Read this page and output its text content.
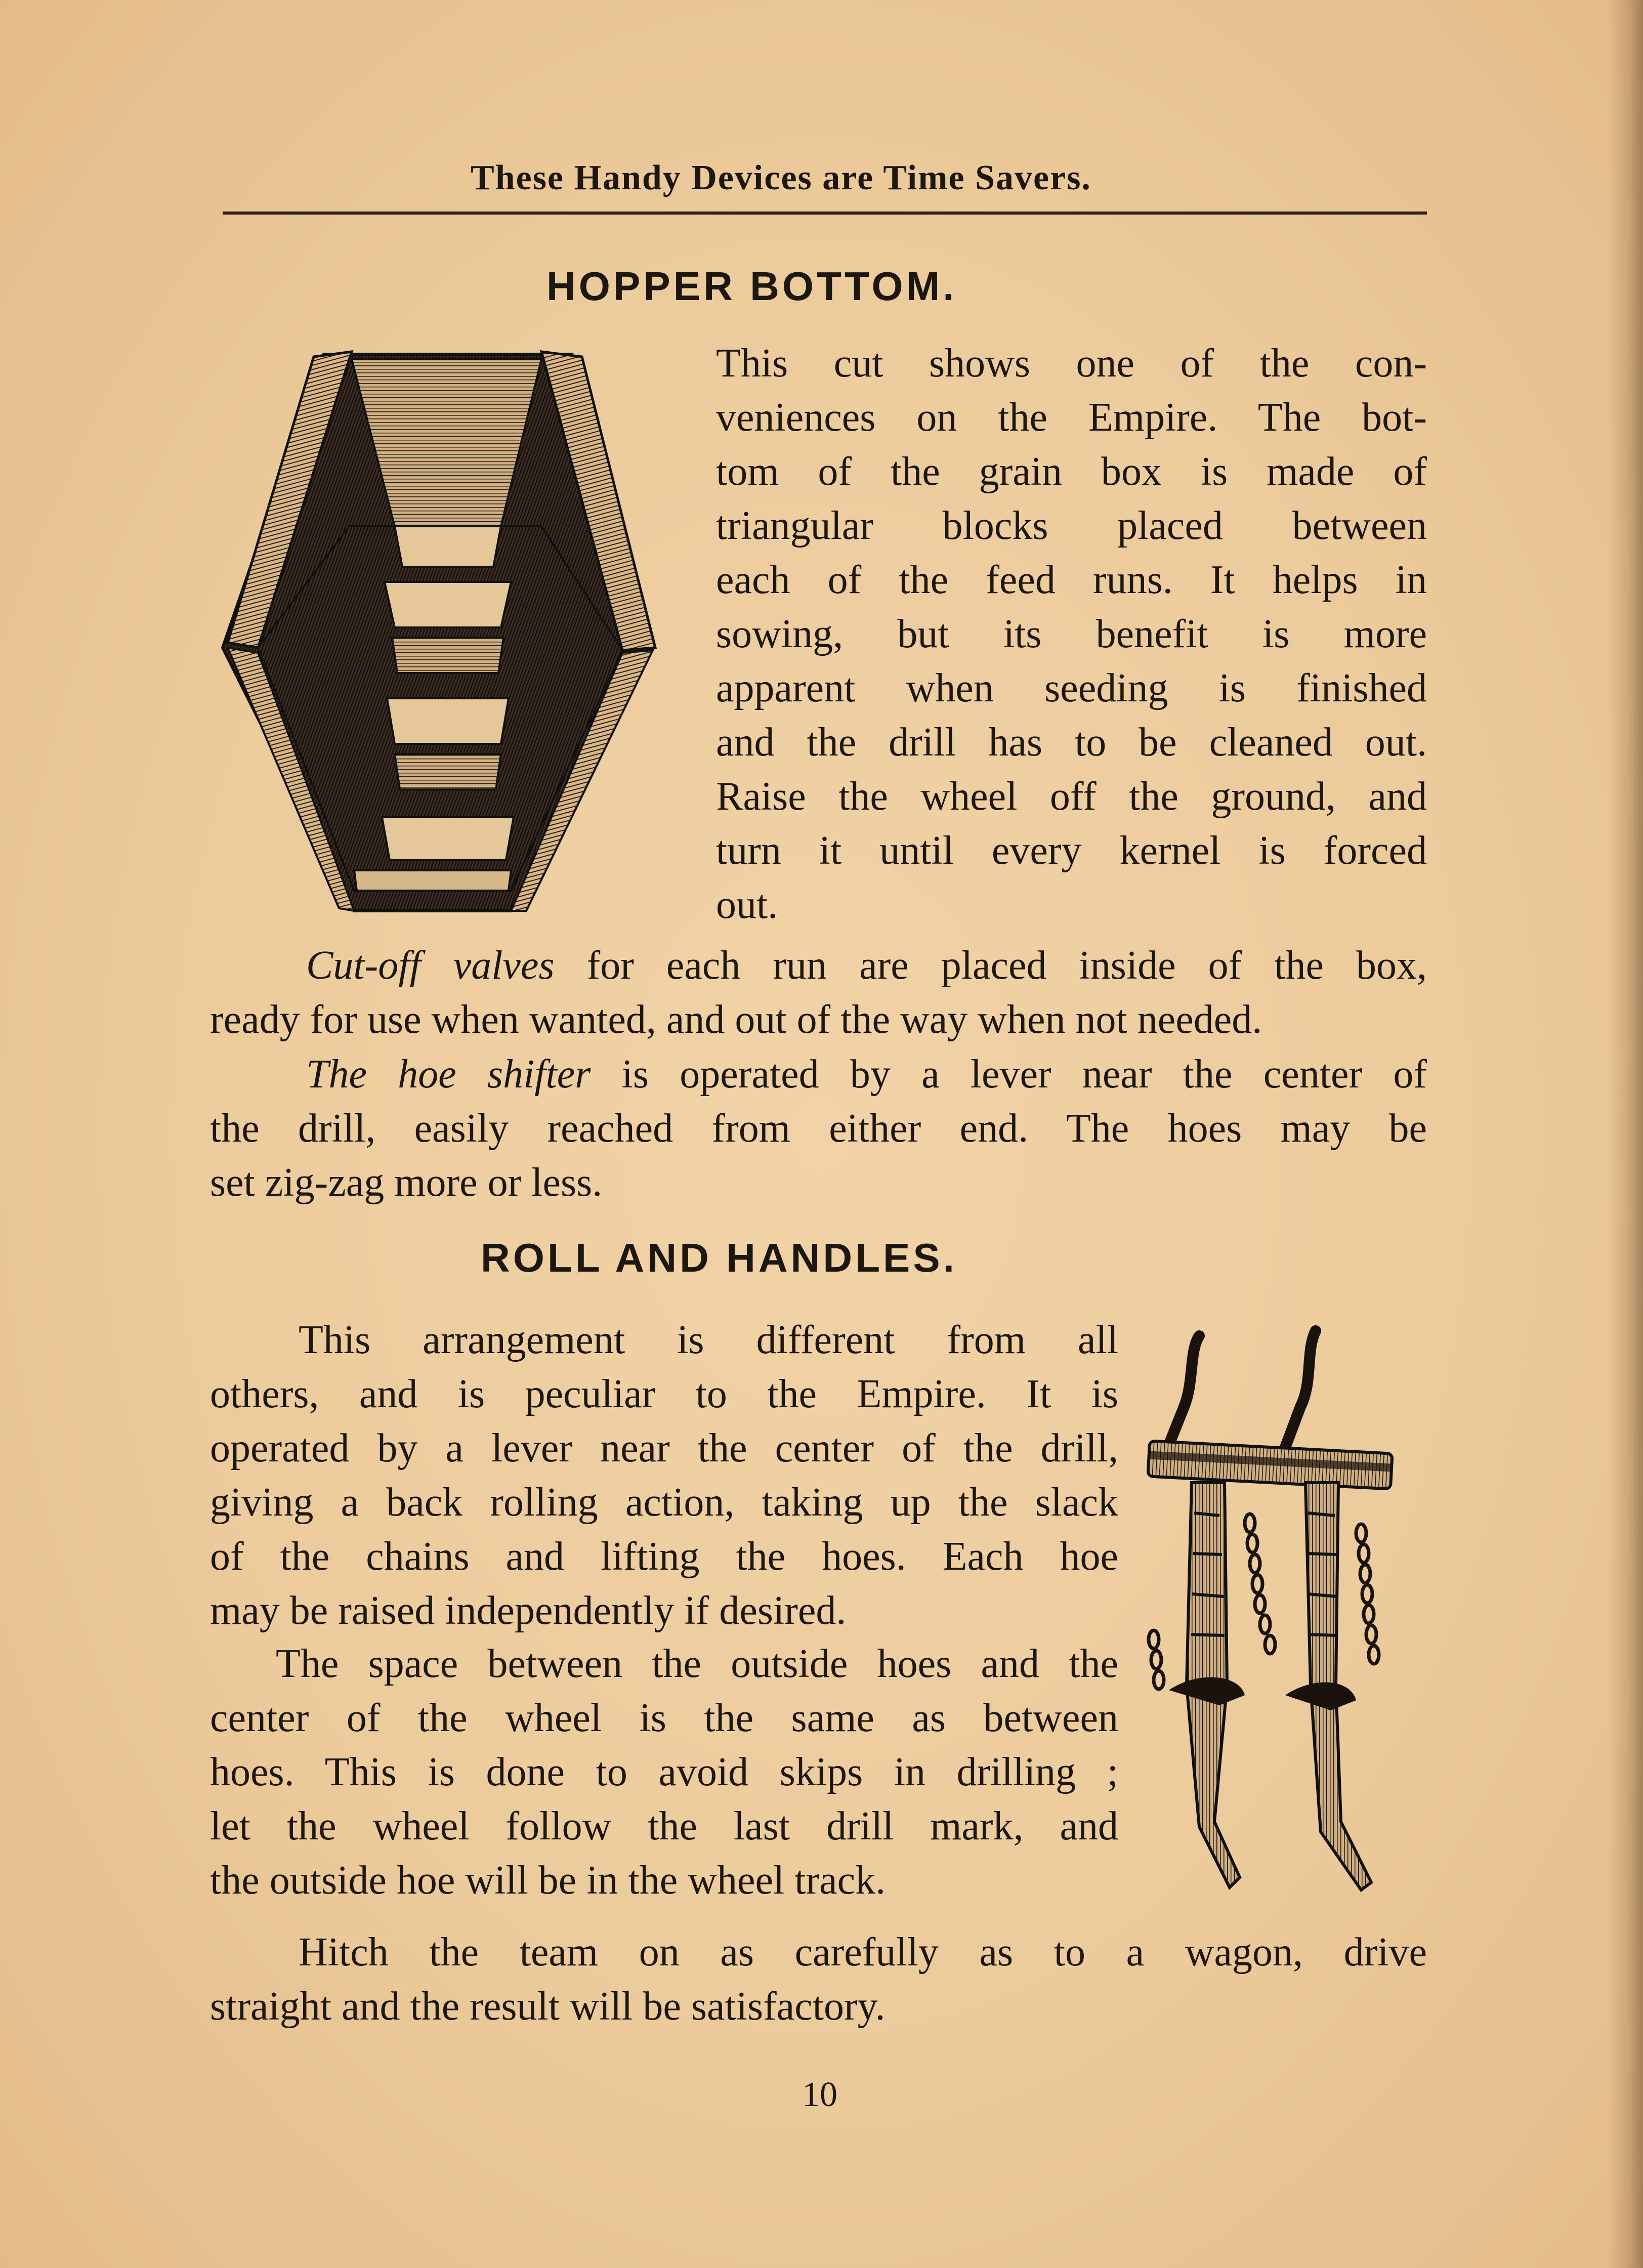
These Handy Devices are Time Savers.
HOPPER BOTTOM.

This cut shows one of the con-
veniences on the Empire. The bot-
tom of the grain box is made of
triangular blocks placed between
each of the feed runs. It helps in
sowing, but its benefit is more
apparent when seeding is finished
and the drill has to be cleaned out.
Raise the wheel off the ground, and
turn it until every kernel is forced
out.

Cut-off valves for each run are placed inside of the box,
ready for use when wanted, and out of the way when not needed.

The hoe shifter is operated by a lever near the center of
the drill, easily reached from either end. The hoes may be
set zig-zag more or less.

ROLL AND HANDLES.

This arrangement is different from all
others, and is peculiar to the Empire. It is
operated by a lever near the center of the drill,
giving a back rolling action, taking up the slack
of the chains and lifting the hoes. Each hoe
may be raised independently if desired.

The space between the outside hoes and the
center of the wheel is the same as between
hoes. This is done to avoid skips in drilling ;
let the wheel follow the last drill mark, and
the outside hoe will be in the wheel track.

Hitch the team on as carefully as to a wagon, drive
straight and the result will be satisfactory.

10
